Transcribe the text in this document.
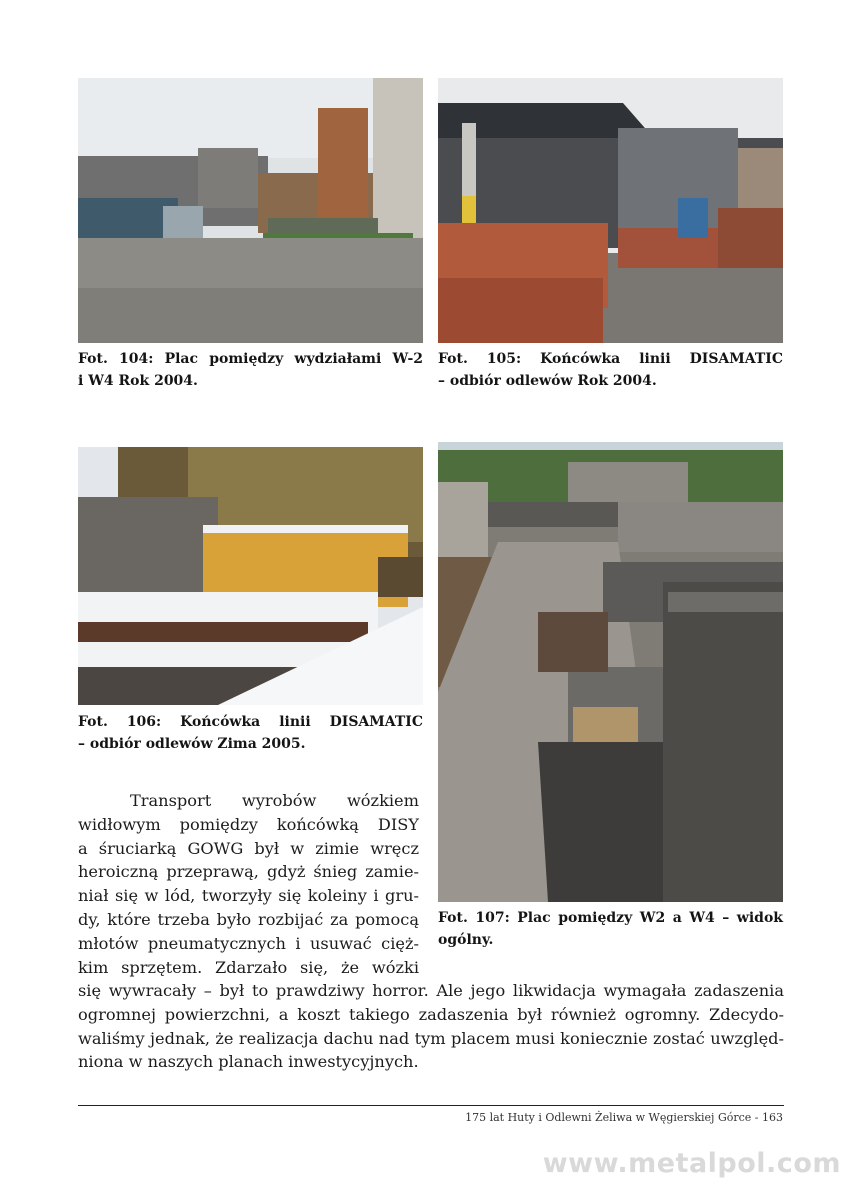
Fot. 104: Plac pomiędzy wydziałami W-2
i W4 Rok 2004.
Fot. 105: Końcówka linii DISAMATIC
– odbiór odlewów Rok 2004.
Fot. 106: Końcówka linii DISAMATIC
– odbiór odlewów Zima 2005.
Fot. 107: Plac pomiędzy W2 a W4 – widok
ogólny.
Transport wyrobów wózkiem
widłowym pomiędzy końcówką DISY
a śruciarką GOWG był w zimie wręcz
heroiczną przeprawą, gdyż śnieg zamie-
niał się w lód, tworzyły się koleiny i gru-
dy, które trzeba było rozbijać za pomocą
młotów pneumatycznych i usuwać cięż-
kim sprzętem. Zdarzało się, że wózki
się wywracały – był to prawdziwy horror. Ale jego likwidacja wymagała zadaszenia
ogromnej powierzchni, a koszt takiego zadaszenia był również ogromny. Zdecydo-
waliśmy jednak, że realizacja dachu nad tym placem musi koniecznie zostać uwzględ-
niona w naszych planach inwestycyjnych.
175 lat Huty i Odlewni Żeliwa w Węgierskiej Górce - 163
www.metalpol.com
